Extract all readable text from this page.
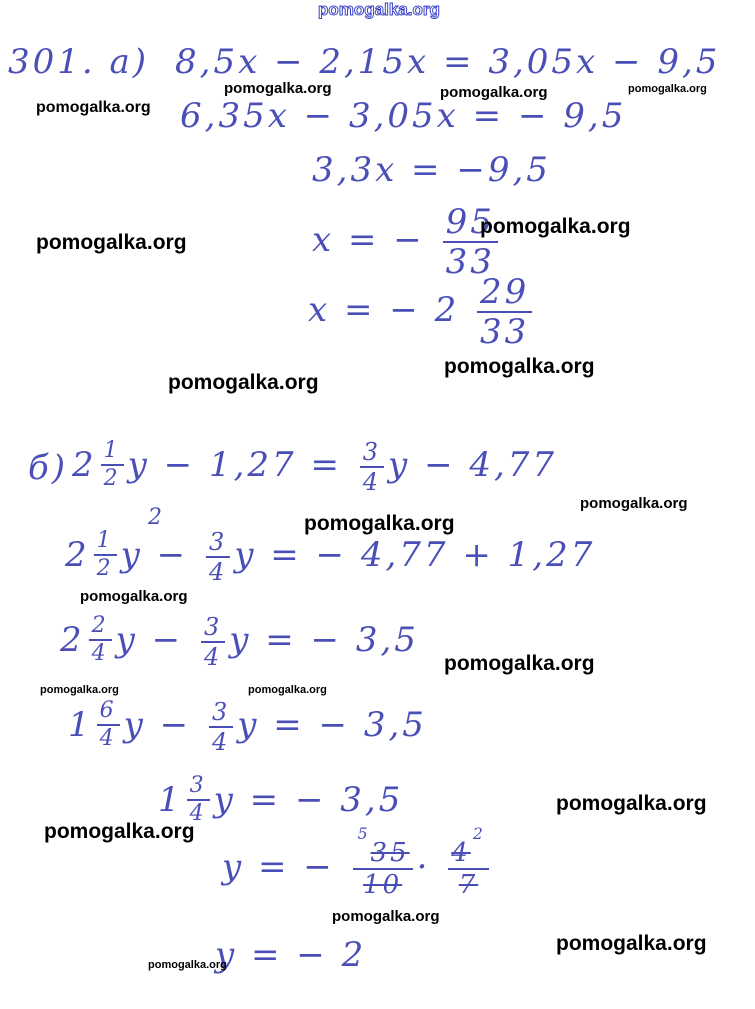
pomogalka.org
301. a) 8,5x − 2,15x = 3,05x − 9,5
6,35x − 3,05x = − 9,5
3,3x = −9,5
x = − $\frac{95}{33}$
x = − $2 \frac{29}{33}$
б) $2 \frac{1}{2}$ $y - 1,27 = \frac{3}{4}$ y − 4,77
$2 \frac{1}{2}$ $y - \frac{3}{4}$ y = − 4,77 + 1,27
2
$2 \frac{2}{4}$ $y - \frac{3}{4}$ y = − 3,5
$1 \frac{6}{4}$ $y - \frac{3}{4}$ y = − 3,5
$1 \frac{3}{4}$ y = − 3,5
y = − $\frac{^535}{10} \cdot \frac{4^2}{7}$
y = − 2
pomogalka.org
pomogalka.org	pomogalka.org	pomogalka.org
pomogalka.org
pomogalka.org
pomogalka.org
pomogalka.org
pomogalka.org
pomogalka.org
pomogalka.org
pomogalka.org
pomogalka.org	pomogalka.org
pomogalka.org
pomogalka.org
pomogalka.org
pomogalka.org
pomogalka.org
